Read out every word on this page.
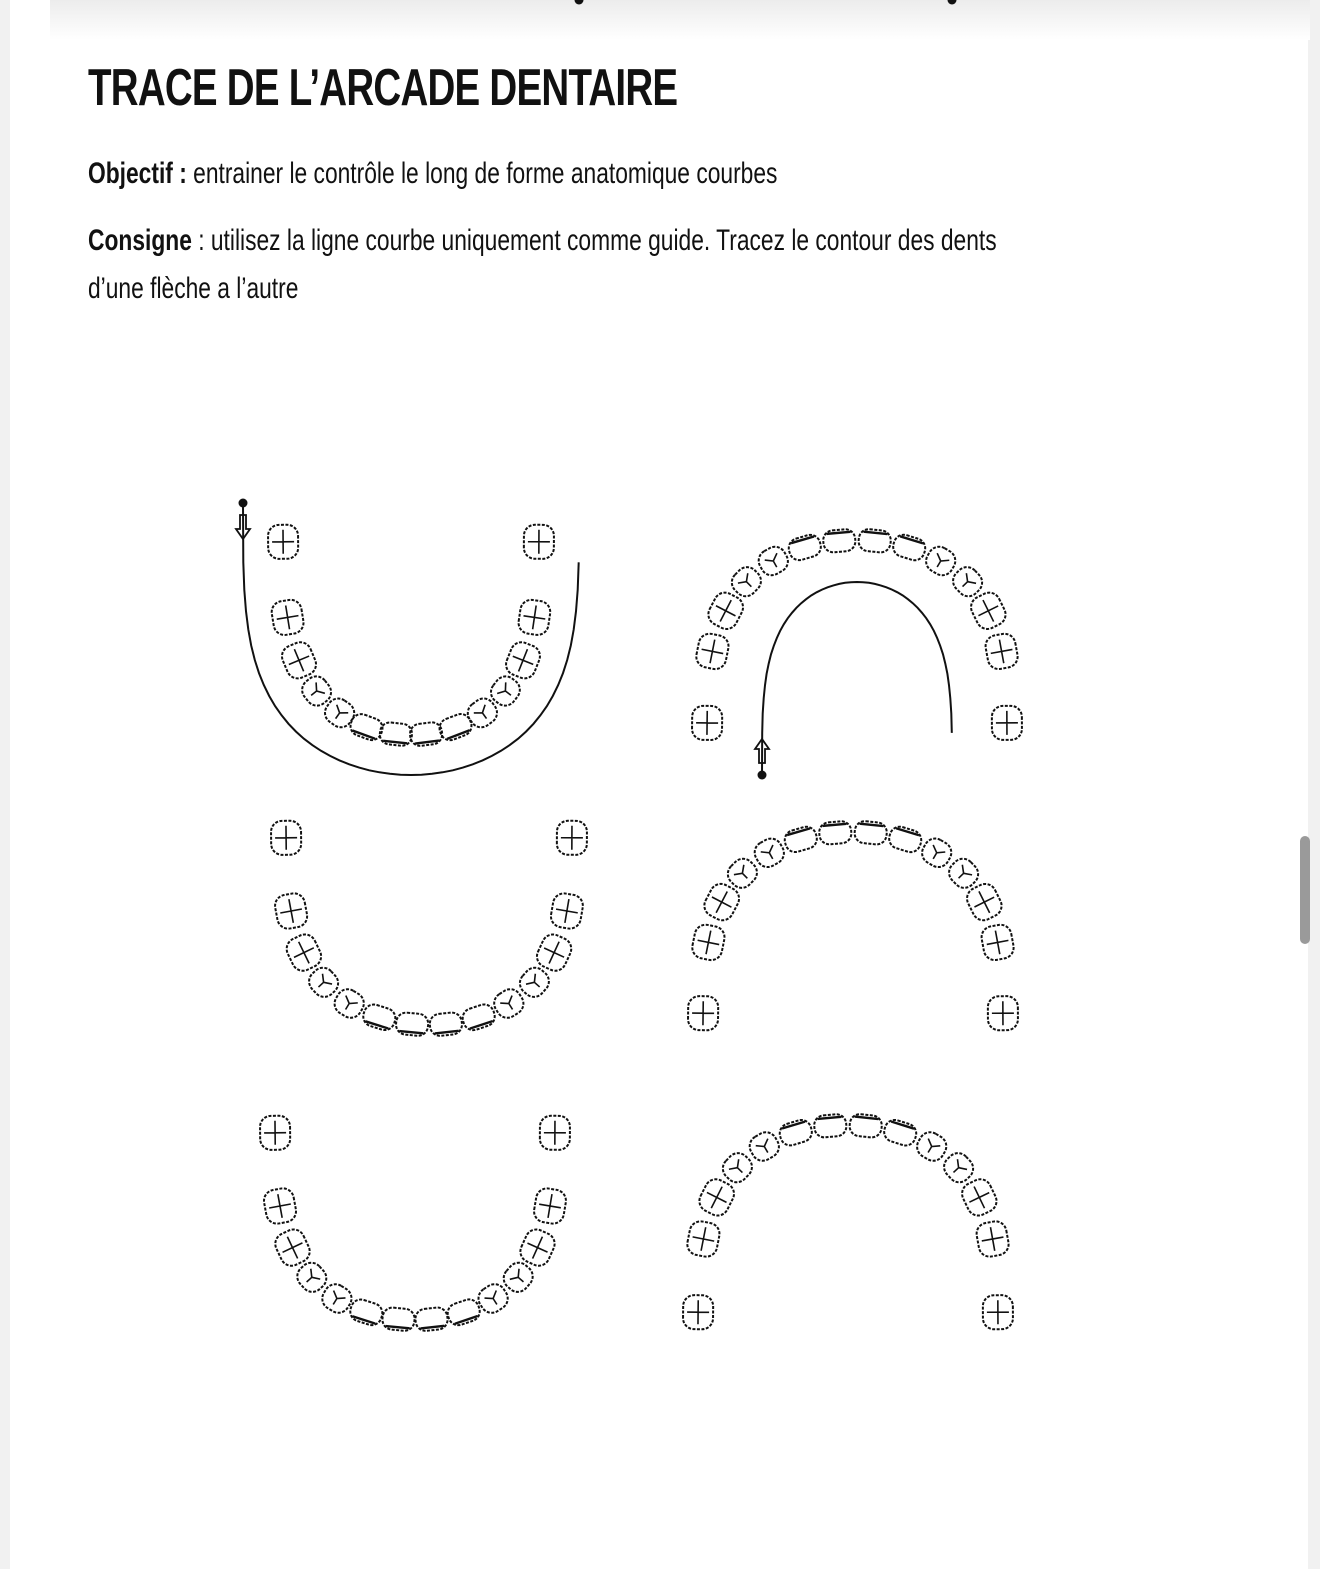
TRACE DE L’ARCADE DENTAIRE
Objectif : entrainer le contrôle le long de forme anatomique courbes
Consigne : utilisez la ligne courbe uniquement comme guide. Tracez le contour des dents
d’une flèche a l’autre
